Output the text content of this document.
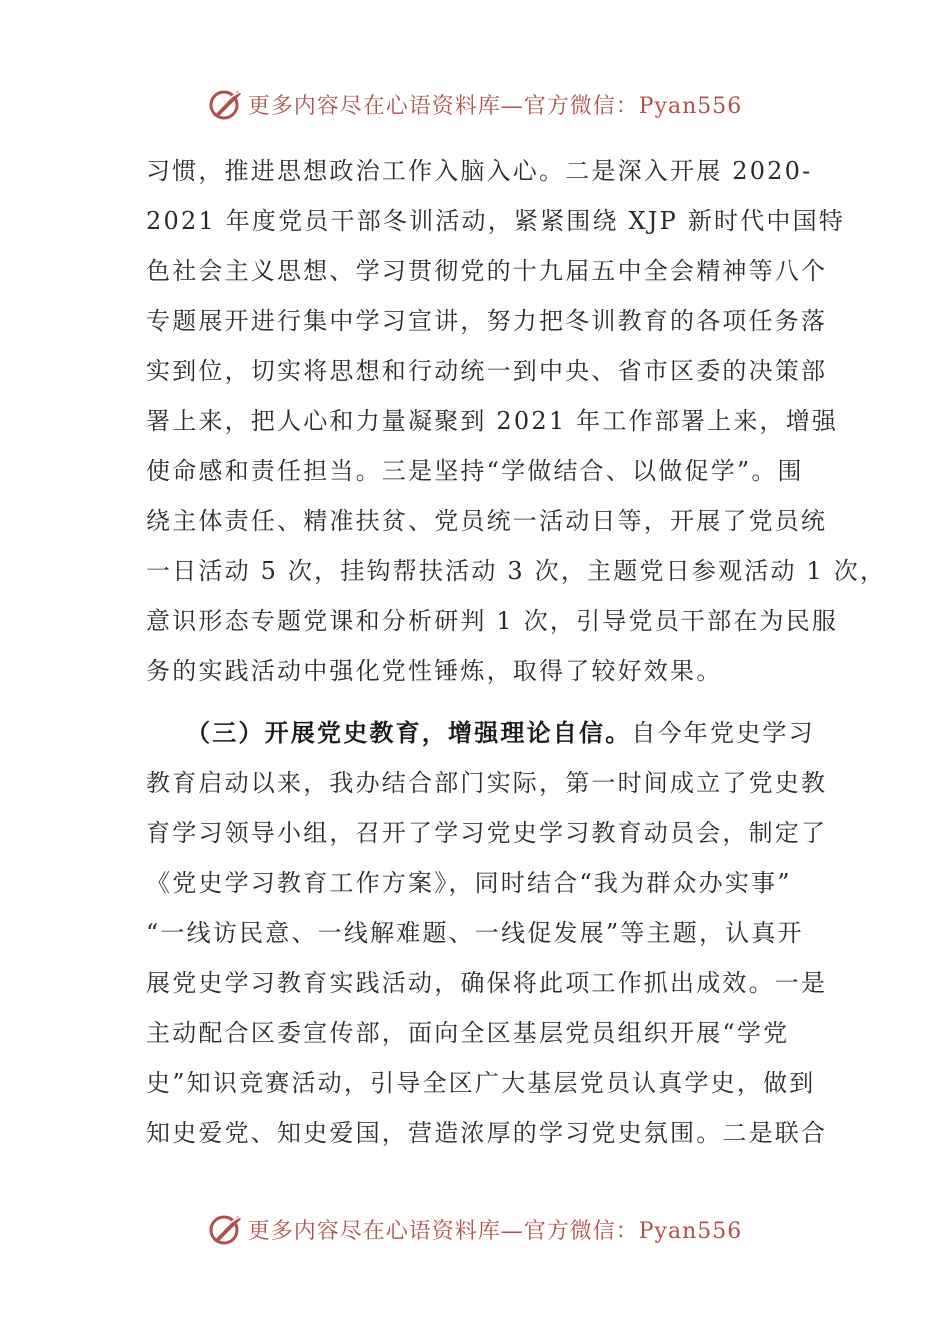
更多内容尽在心语资料库—官方微信：Pyan556
习惯，推进思想政治工作入脑入心。二是深入开展 2020-
2021 年度党员干部冬训活动，紧紧围绕 XJP 新时代中国特
色社会主义思想、学习贯彻党的十九届五中全会精神等八个
专题展开进行集中学习宣讲，努力把冬训教育的各项任务落
实到位，切实将思想和行动统一到中央、省市区委的决策部
署上来，把人心和力量凝聚到 2021 年工作部署上来，增强
使命感和责任担当。三是坚持“学做结合、以做促学”。围
绕主体责任、精准扶贫、党员统一活动日等，开展了党员统
一日活动 5 次，挂钩帮扶活动 3 次，主题党日参观活动 1 次，
意识形态专题党课和分析研判 1 次，引导党员干部在为民服
务的实践活动中强化党性锤炼，取得了较好效果。
（三）开展党史教育，增强理论自信。自今年党史学习
教育启动以来，我办结合部门实际，第一时间成立了党史教
育学习领导小组，召开了学习党史学习教育动员会，制定了
《党史学习教育工作方案》，同时结合“我为群众办实事”
“一线访民意、一线解难题、一线促发展”等主题，认真开
展党史学习教育实践活动，确保将此项工作抓出成效。一是
主动配合区委宣传部，面向全区基层党员组织开展“学党
史”知识竞赛活动，引导全区广大基层党员认真学史，做到
知史爱党、知史爱国，营造浓厚的学习党史氛围。二是联合
更多内容尽在心语资料库—官方微信：Pyan556
